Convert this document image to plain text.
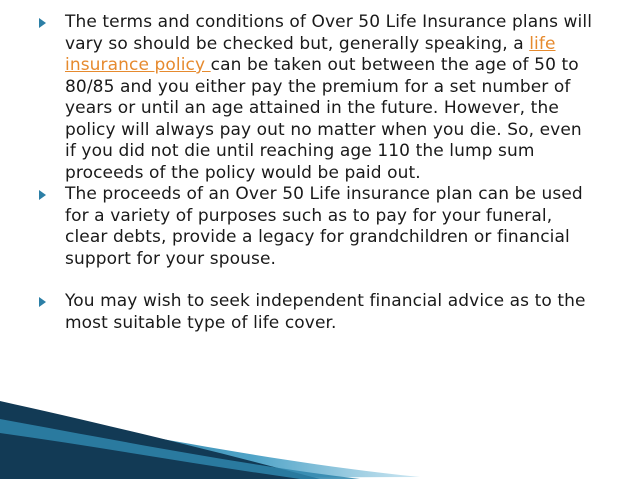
The terms and conditions of Over 50 Life Insurance plans will vary so should be checked but, generally speaking, a life insurance policy can be taken out between the age of 50 to 80/85 and you either pay the premium for a set number of years or until an age attained in the future. However, the policy will always pay out no matter when you die. So, even if you did not die until reaching age 110 the lump sum proceeds of the policy would be paid out.

The proceeds of an Over 50 Life insurance plan can be used for a variety of purposes such as to pay for your funeral, clear debts, provide a legacy for grandchildren or financial support for your spouse.

You may wish to seek independent financial advice as to the most suitable type of life cover.
